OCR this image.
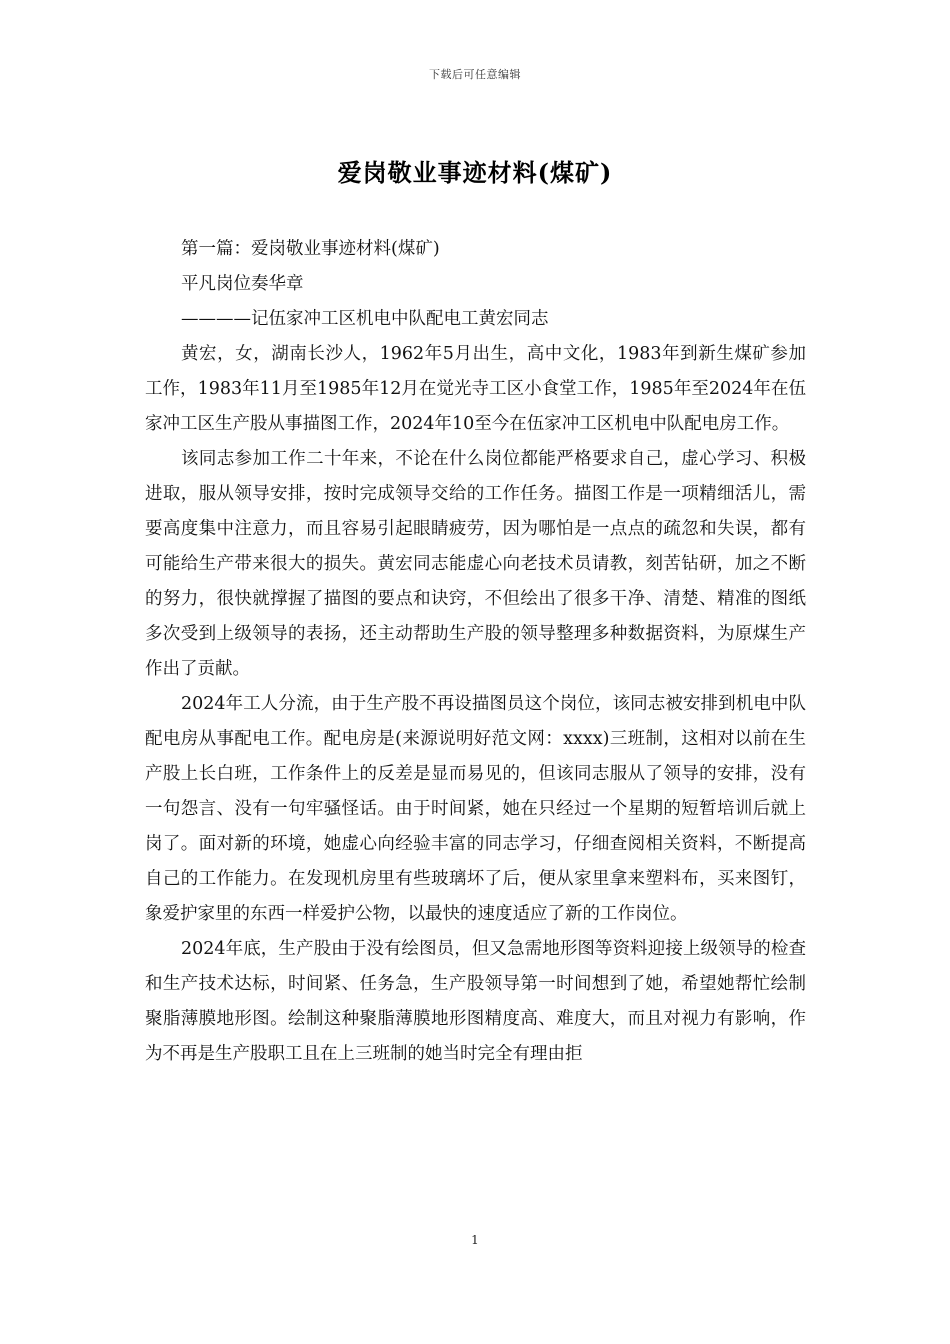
下载后可任意编辑
爱岗敬业事迹材料(煤矿)

第一篇：爱岗敬业事迹材料(煤矿)

平凡岗位奏华章

————记伍家冲工区机电中队配电工黄宏同志

黄宏，女，湖南长沙人，1962年5月出生，高中文化，1983年到新生煤矿参加工作，1983年11月至1985年12月在觉光寺工区小食堂工作，1985年至2024年在伍家冲工区生产股从事描图工作，2024年10至今在伍家冲工区机电中队配电房工作。

该同志参加工作二十年来，不论在什么岗位都能严格要求自己，虚心学习、积极进取，服从领导安排，按时完成领导交给的工作任务。描图工作是一项精细活儿，需要高度集中注意力，而且容易引起眼睛疲劳，因为哪怕是一点点的疏忽和失误，都有可能给生产带来很大的损失。黄宏同志能虚心向老技术员请教，刻苦钻研，加之不断的努力，很快就撑握了描图的要点和诀窍，不但绘出了很多干净、清楚、精准的图纸多次受到上级领导的表扬，还主动帮助生产股的领导整理多种数据资料，为原煤生产作出了贡献。

2024年工人分流，由于生产股不再设描图员这个岗位，该同志被安排到机电中队配电房从事配电工作。配电房是(来源说明好范文网：xxxx)三班制，这相对以前在生产股上长白班，工作条件上的反差是显而易见的，但该同志服从了领导的安排，没有一句怨言、没有一句牢骚怪话。由于时间紧，她在只经过一个星期的短暂培训后就上岗了。面对新的环境，她虚心向经验丰富的同志学习，仔细查阅相关资料，不断提高自己的工作能力。在发现机房里有些玻璃坏了后，便从家里拿来塑料布，买来图钉，象爱护家里的东西一样爱护公物，以最快的速度适应了新的工作岗位。

2024年底，生产股由于没有绘图员，但又急需地形图等资料迎接上级领导的检查和生产技术达标，时间紧、任务急，生产股领导第一时间想到了她，希望她帮忙绘制聚脂薄膜地形图。绘制这种聚脂薄膜地形图精度高、难度大，而且对视力有影响，作为不再是生产股职工且在上三班制的她当时完全有理由拒

1
